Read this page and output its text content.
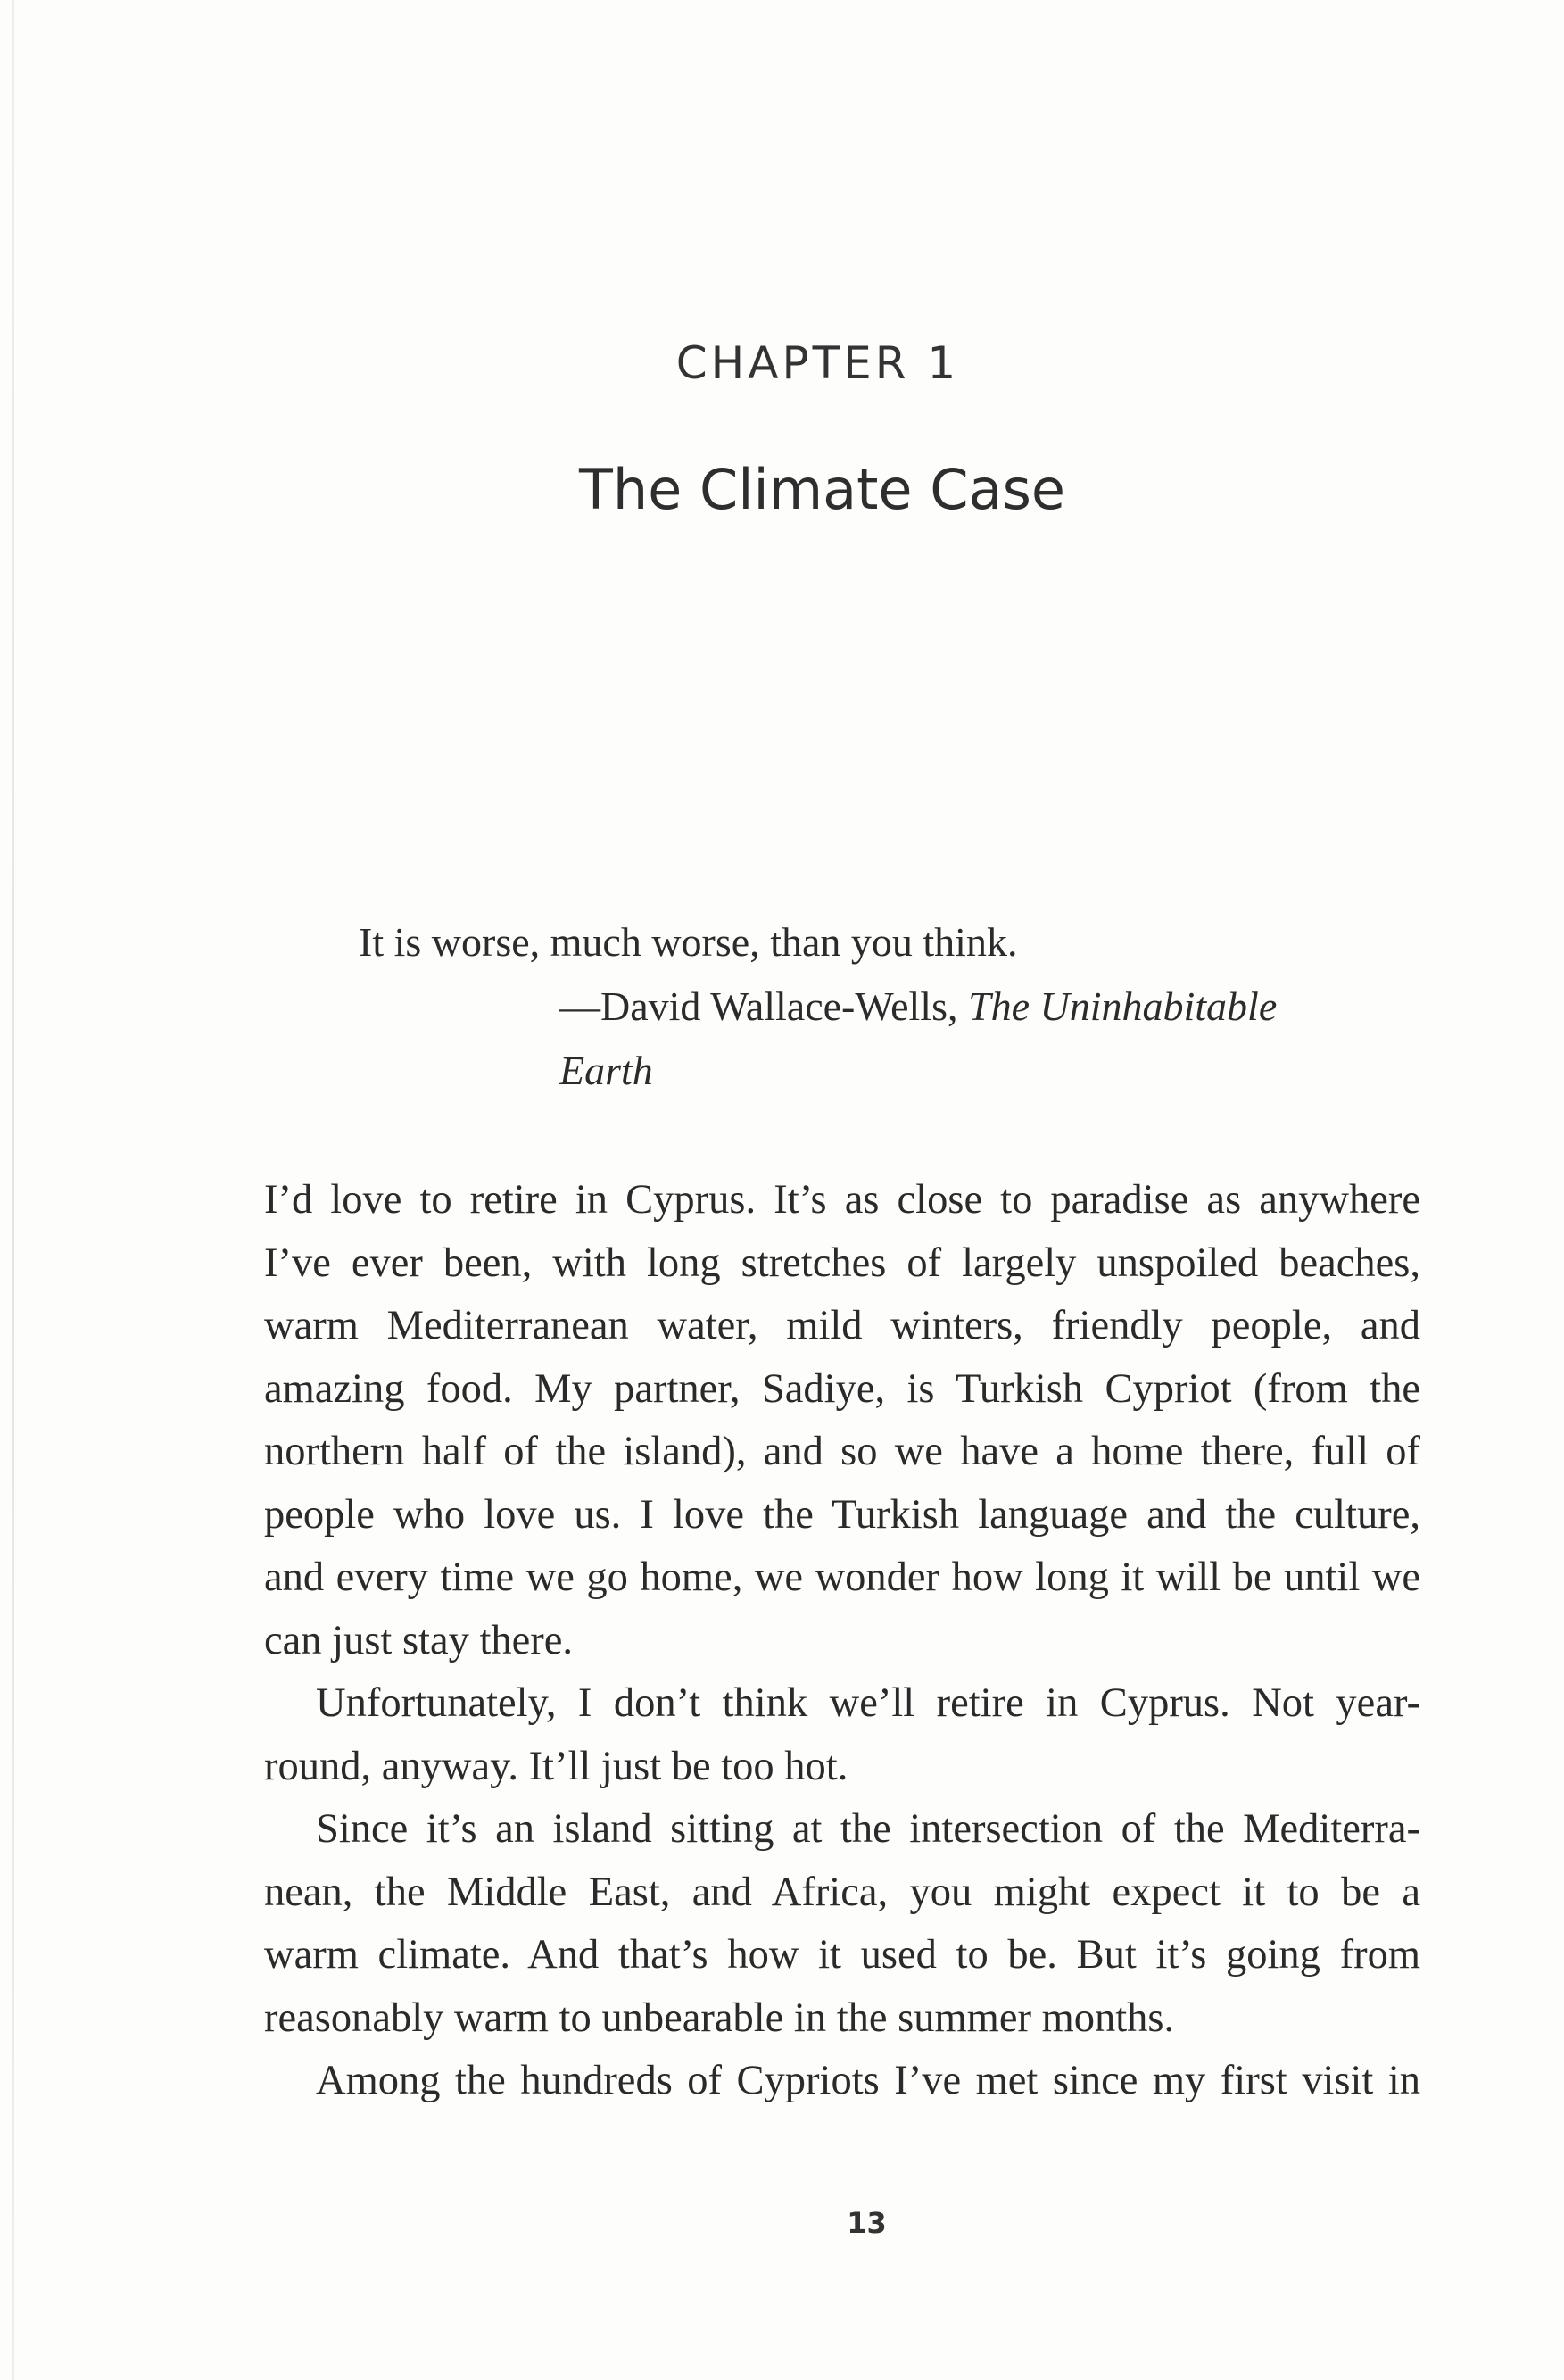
CHAPTER 1
The Climate Case
It is worse, much worse, than you think.
—David Wallace-Wells, The Uninhabitable Earth

I’d love to retire in Cyprus. It’s as close to paradise as anywhere
I’ve ever been, with long stretches of largely unspoiled beaches,
warm Mediterranean water, mild winters, friendly people, and
amazing food. My partner, Sadiye, is Turkish Cypriot (from the
northern half of the island), and so we have a home there, full of
people who love us. I love the Turkish language and the culture,
and every time we go home, we wonder how long it will be until we
can just stay there.

Unfortunately, I don’t think we’ll retire in Cyprus. Not year-
round, anyway. It’ll just be too hot.

Since it’s an island sitting at the intersection of the Mediterra-
nean, the Middle East, and Africa, you might expect it to be a
warm climate. And that’s how it used to be. But it’s going from
reasonably warm to unbearable in the summer months.

Among the hundreds of Cypriots I’ve met since my first visit in

13
